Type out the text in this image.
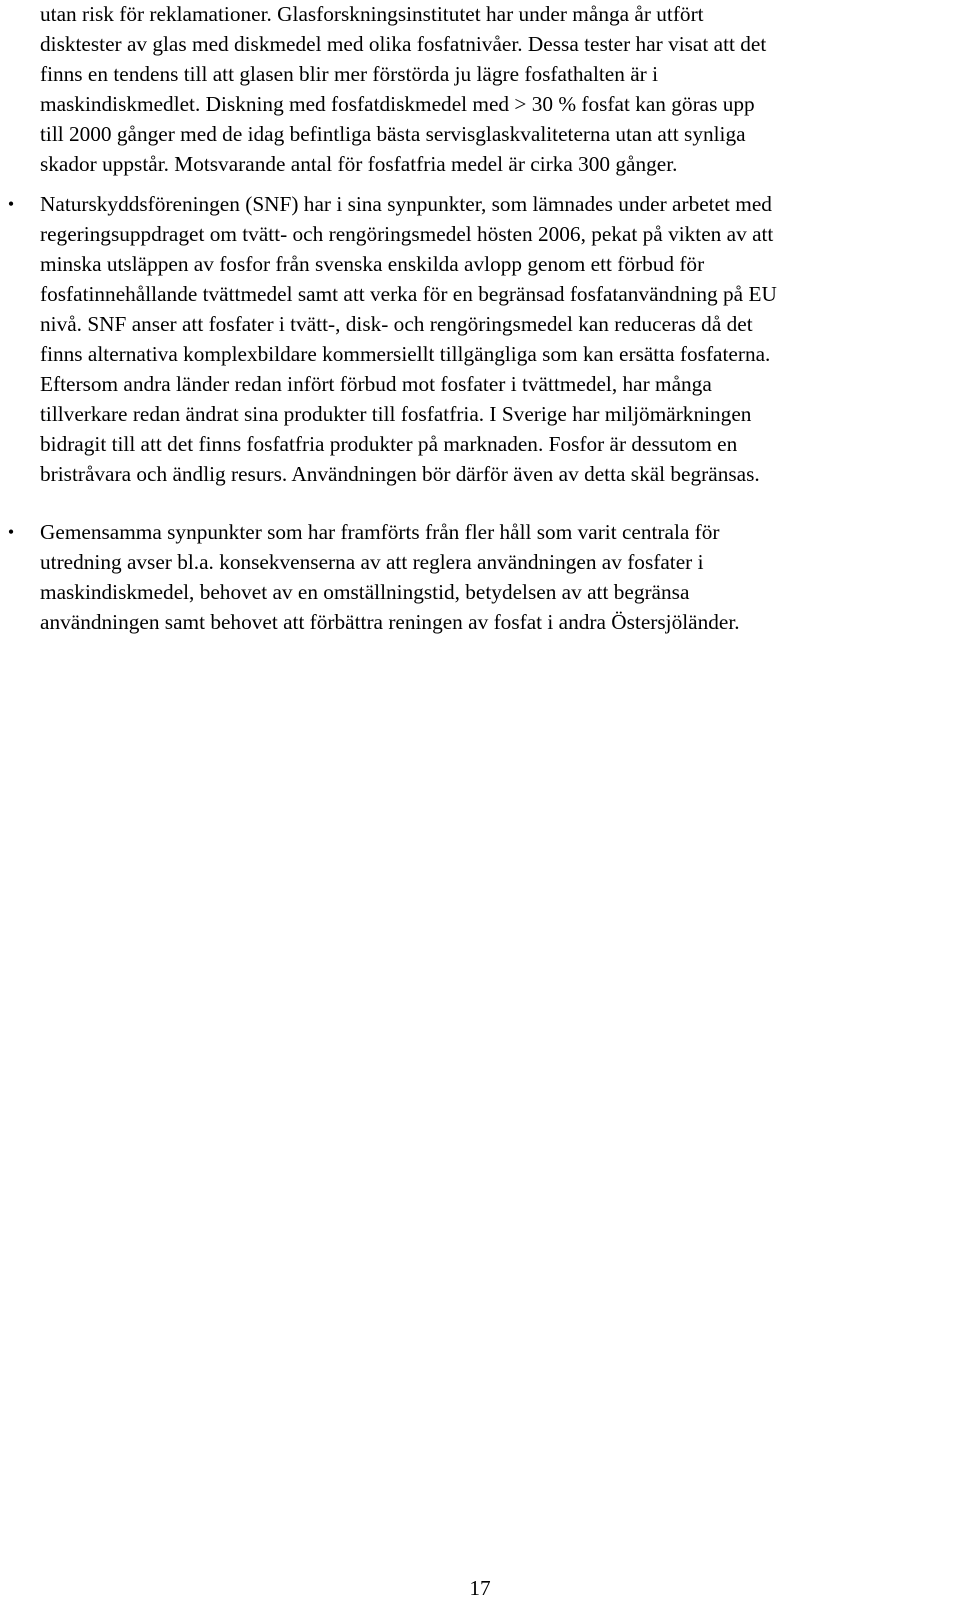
utan risk för reklamationer. Glasforskningsinstitutet har under många år utfört
disktester av glas med diskmedel med olika fosfatnivåer. Dessa tester har visat att det
finns en tendens till att glasen blir mer förstörda ju lägre fosfathalten är i
maskindiskmedlet. Diskning med fosfatdiskmedel med > 30 % fosfat kan göras upp
till 2000 gånger med de idag befintliga bästa servisglaskvaliteterna utan att synliga
skador uppstår. Motsvarande antal för fosfatfria medel är cirka 300 gånger.
• Naturskyddsföreningen (SNF) har i sina synpunkter, som lämnades under arbetet med
regeringsuppdraget om tvätt- och rengöringsmedel hösten 2006, pekat på vikten av att
minska utsläppen av fosfor från svenska enskilda avlopp genom ett förbud för
fosfatinnehållande tvättmedel samt att verka för en begränsad fosfatanvändning på EU
nivå. SNF anser att fosfater i tvätt-, disk- och rengöringsmedel kan reduceras då det
finns alternativa komplexbildare kommersiellt tillgängliga som kan ersätta fosfaterna.
Eftersom andra länder redan infört förbud mot fosfater i tvättmedel, har många
tillverkare redan ändrat sina produkter till fosfatfria. I Sverige har miljömärkningen
bidragit till att det finns fosfatfria produkter på marknaden. Fosfor är dessutom en
bristråvara och ändlig resurs. Användningen bör därför även av detta skäl begränsas.
• Gemensamma synpunkter som har framförts från fler håll som varit centrala för
utredning avser bl.a. konsekvenserna av att reglera användningen av fosfater i
maskindiskmedel, behovet av en omställningstid, betydelsen av att begränsa
användningen samt behovet att förbättra reningen av fosfat i andra Östersjöländer.
17
